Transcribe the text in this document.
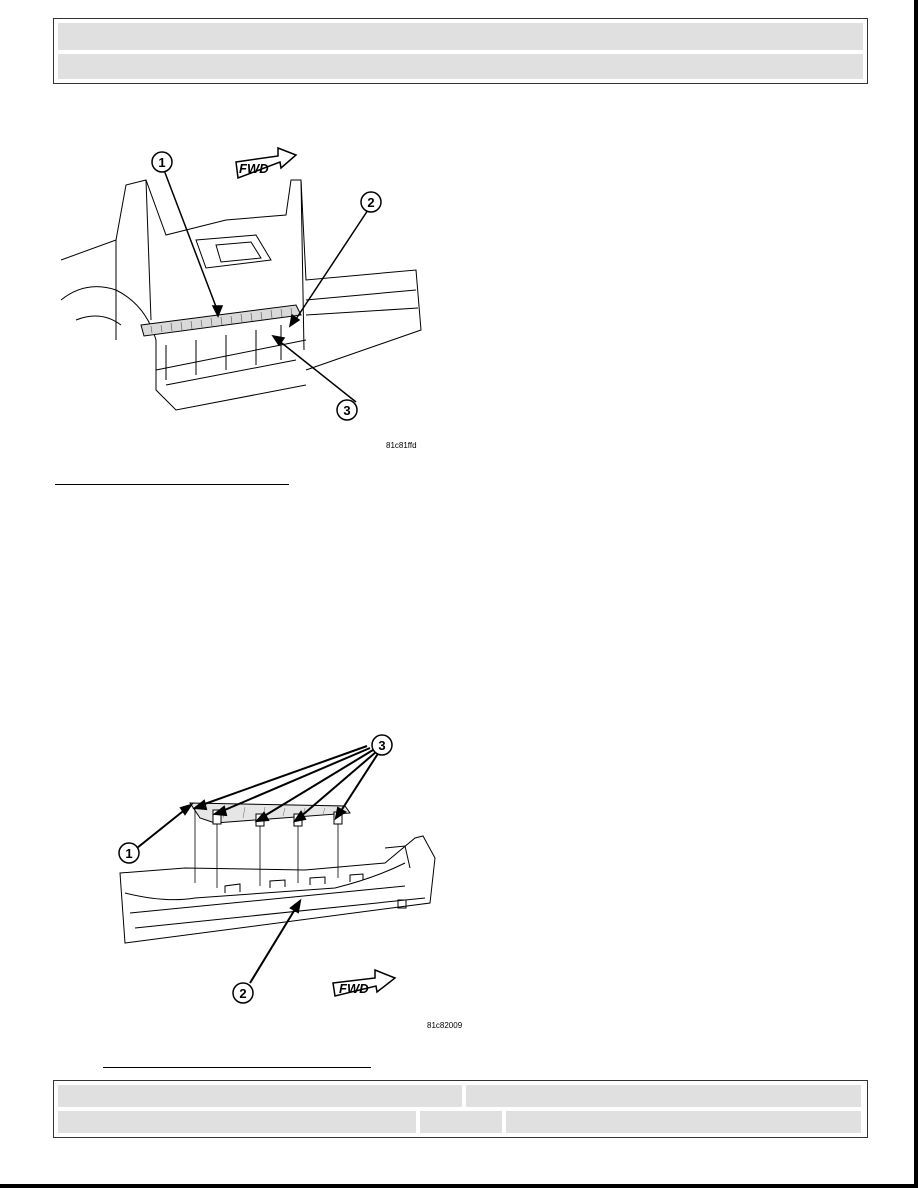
1
2
3
FWD
81c81ffd
3
1
2	FWD
81c82009
